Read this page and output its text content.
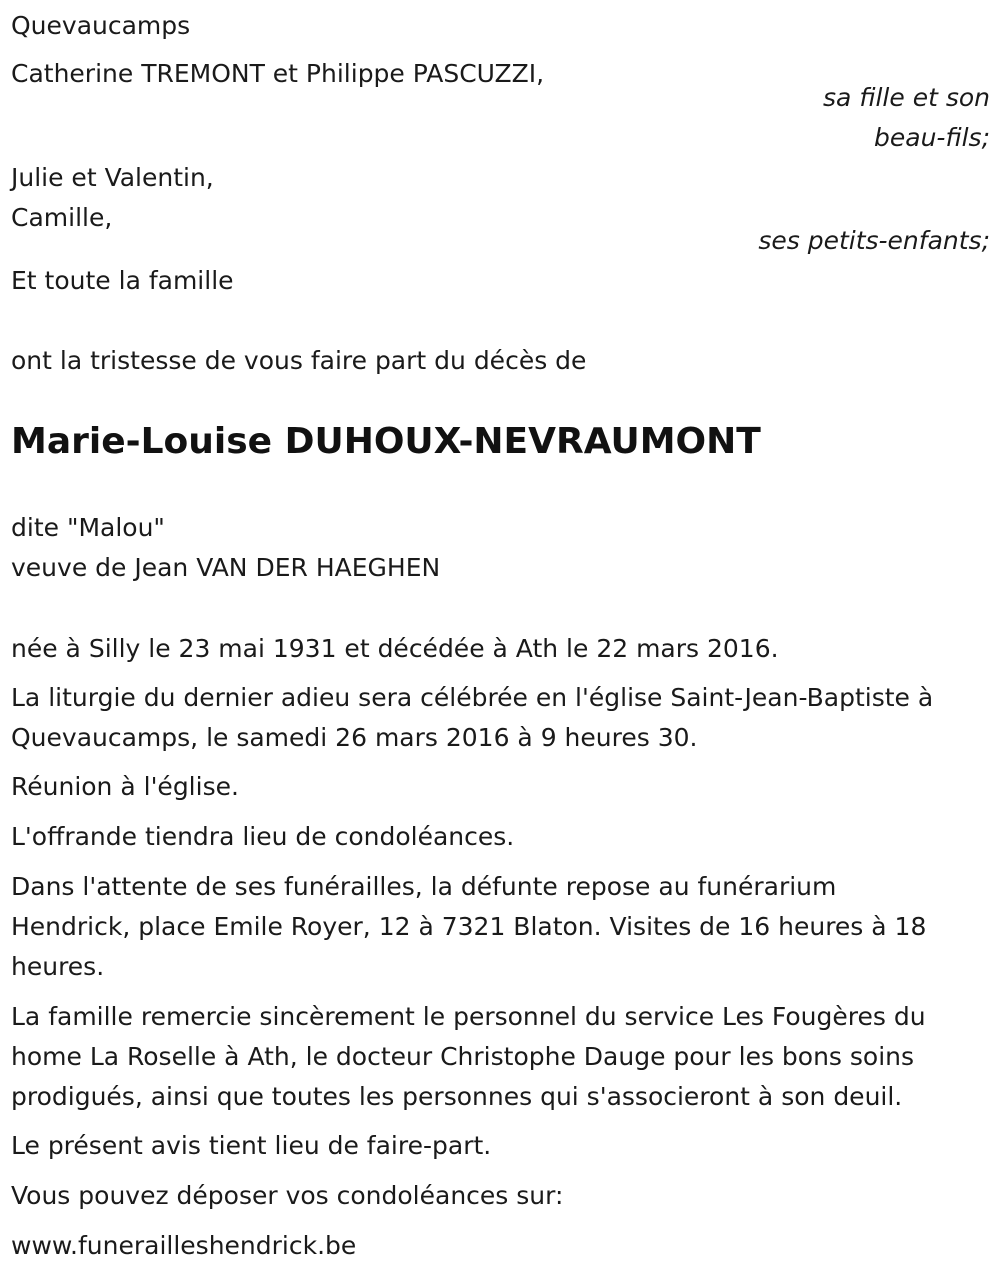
Quevaucamps
Catherine TREMONT et Philippe PASCUZZI,
sa fille et son
beau-fils;
Julie et Valentin,
Camille,
ses petits-enfants;
Et toute la famille
ont la tristesse de vous faire part du décès de
Marie-Louise DUHOUX-NEVRAUMONT
dite "Malou"
veuve de Jean VAN DER HAEGHEN
née à Silly le 23 mai 1931 et décédée à Ath le 22 mars 2016.
La liturgie du dernier adieu sera célébrée en l'église Saint-Jean-Baptiste à
Quevaucamps, le samedi 26 mars 2016 à 9 heures 30.
Réunion à l'église.
L'offrande tiendra lieu de condoléances.
Dans l'attente de ses funérailles, la défunte repose au funérarium
Hendrick, place Emile Royer, 12 à 7321 Blaton. Visites de 16 heures à 18
heures.
La famille remercie sincèrement le personnel du service Les Fougères du
home La Roselle à Ath, le docteur Christophe Dauge pour les bons soins
prodigués, ainsi que toutes les personnes qui s'associeront à son deuil.
Le présent avis tient lieu de faire-part.
Vous pouvez déposer vos condoléances sur:
www.funerailleshendrick.be
